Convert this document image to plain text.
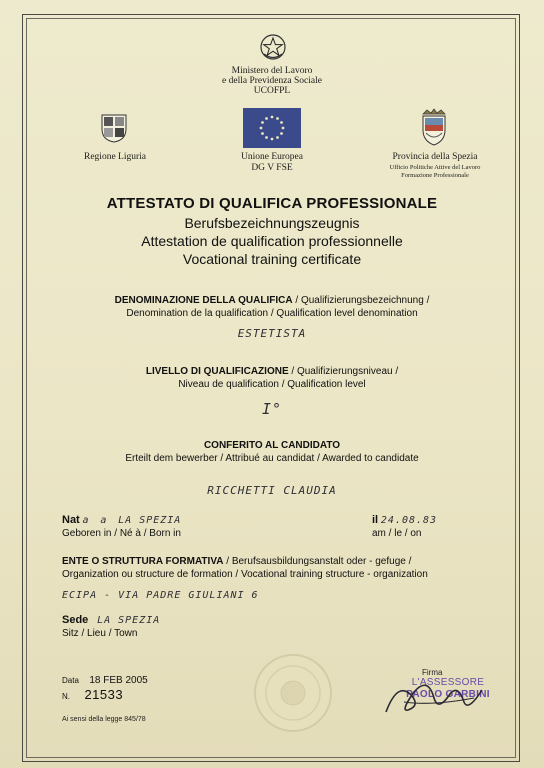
Ministero del Lavoro
e della Previdenza Sociale
UCOFPL
Regione Liguria	Unione Europea
DG V FSE
Provincia della Spezia
Ufficio Politiche Attive del Lavoro
Formazione Professionale
ATTESTATO DI QUALIFICA PROFESSIONALE
Berufsbezeichnungszeugnis
Attestation de qualification professionnelle
Vocational training certificate
DENOMINAZIONE DELLA QUALIFICA / Qualifizierungsbezeichnung /
Denomination de la qualification / Qualification level denomination
ESTETISTA
LIVELLO DI QUALIFICAZIONE / Qualifizierungsniveau /
Niveau de qualification / Qualification level
I°
CONFERITO AL CANDIDATO
Erteilt dem bewerber / Attribué au candidat / Awarded to candidate
RICCHETTI CLAUDIA
Nat a a LA SPEZIA
Geboren in / Né à / Born in
il 24.08.83
am / le / on
ENTE O STRUTTURA FORMATIVA / Berufsausbildungsanstalt oder - gefuge /
Organization ou structure de formation / Vocational training structure - organization
ECIPA - VIA PADRE GIULIANI 6
Sede LA SPEZIA
Sitz / Lieu / Town
Data 18 FEB 2005
N. 21533
Ai sensi della legge 845/78
Firma
L'ASSESSORE
PAOLO GARBINI
